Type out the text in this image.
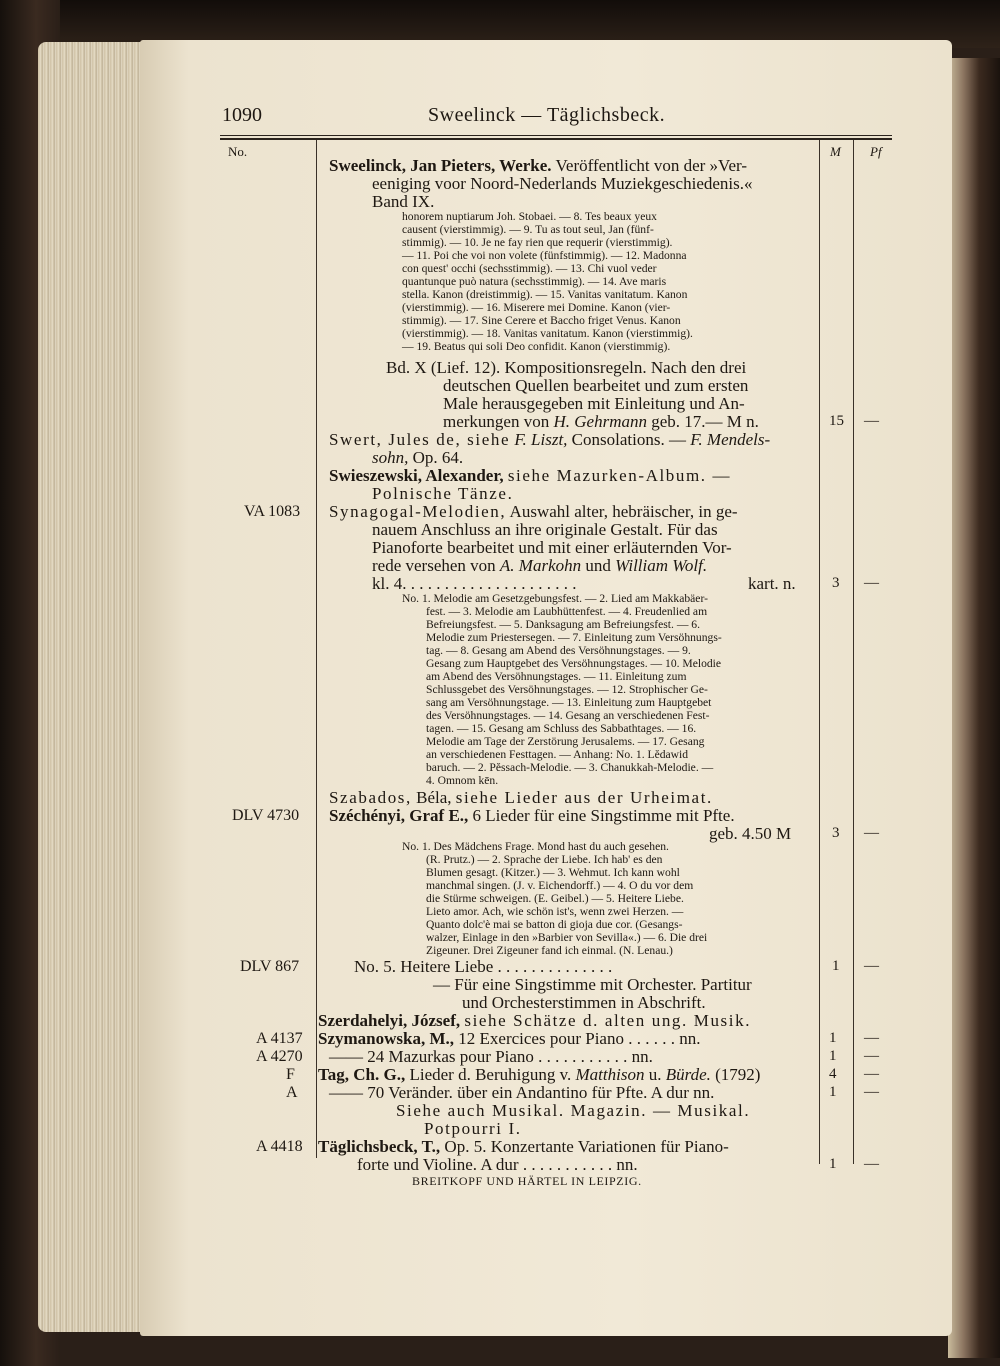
1090	Sweelinck — Täglichsbeck.
No.	M Pf
Sweelinck, Jan Pieters, Werke. Veröffentlicht von der »Ver-
eeniging voor Noord-Nederlands Muziekgeschiedenis.«
Band IX.
honorem nuptiarum Joh. Stobaei. — 8. Tes beaux yeux
causent (vierstimmig). — 9. Tu as tout seul, Jan (fünf-
stimmig). — 10. Je ne fay rien que requerir (vierstimmig).
— 11. Poi che voi non volete (fünfstimmig). — 12. Madonna
con quest' occhi (sechsstimmig). — 13. Chi vuol veder
quantunque può natura (sechsstimmig). — 14. Ave maris
stella. Kanon (dreistimmig). — 15. Vanitas vanitatum. Kanon
(vierstimmig). — 16. Miserere mei Domine. Kanon (vier-
stimmig). — 17. Sine Cerere et Baccho friget Venus. Kanon
(vierstimmig). — 18. Vanitas vanitatum. Kanon (vierstimmig).
— 19. Beatus qui soli Deo confidit. Kanon (vierstimmig).
Bd. X (Lief. 12). Kompositionsregeln. Nach den drei
deutschen Quellen bearbeitet und zum ersten
Male herausgegeben mit Einleitung und An-
merkungen von H. Gehrmann geb. 17.— M n.	15 —
Swert, Jules de, siehe F. Liszt, Consolations. — F. Mendels-
sohn, Op. 64.
Swieszewski, Alexander, siehe Mazurken-Album. —
Polnische Tänze.
VA 1083 Synagogal-Melodien, Auswahl alter, hebräischer, in ge-
nauem Anschluss an ihre originale Gestalt. Für das
Pianoforte bearbeitet und mit einer erläuternden Vor-
rede versehen von A. Markohn und William Wolf.
kl. 4. . . . . . . . . . . . . . . . . . . . .	kart. n. 3 —
No. 1. Melodie am Gesetzgebungsfest. — 2. Lied am Makkabäer-
fest. — 3. Melodie am Laubhüttenfest. — 4. Freudenlied am
Befreiungsfest. — 5. Danksagung am Befreiungsfest. — 6.
Melodie zum Priestersegen. — 7. Einleitung zum Versöhnungs-
tag. — 8. Gesang am Abend des Versöhnungstages. — 9.
Gesang zum Hauptgebet des Versöhnungstages. — 10. Melodie
am Abend des Versöhnungstages. — 11. Einleitung zum
Schlussgebet des Versöhnungstages. — 12. Strophischer Ge-
sang am Versöhnungstage. — 13. Einleitung zum Hauptgebet
des Versöhnungstages. — 14. Gesang an verschiedenen Fest-
tagen. — 15. Gesang am Schluss des Sabbathtages. — 16.
Melodie am Tage der Zerstörung Jerusalems. — 17. Gesang
an verschiedenen Festtagen. — Anhang: No. 1. Lĕdawid
baruch. — 2. Pĕssach-Melodie. — 3. Chanukkah-Melodie. —
4. Omnom kēn.
Szabados, Béla, siehe Lieder aus der Urheimat.
DLV 4730 Széchényi, Graf E., 6 Lieder für eine Singstimme mit Pfte.
geb. 4.50 M	3 —
No. 1. Des Mädchens Frage. Mond hast du auch gesehen.
(R. Prutz.) — 2. Sprache der Liebe. Ich hab' es den
Blumen gesagt. (Kitzer.) — 3. Wehmut. Ich kann wohl
manchmal singen. (J. v. Eichendorff.) — 4. O du vor dem
die Stürme schweigen. (E. Geibel.) — 5. Heitere Liebe.
Lieto amor. Ach, wie schön ist's, wenn zwei Herzen. —
Quanto dolc'è mai se batton di gioja due cor. (Gesangs-
walzer, Einlage in den »Barbier von Sevilla«.) — 6. Die drei
Zigeuner. Drei Zigeuner fand ich einmal. (N. Lenau.)
DLV 867	No. 5. Heitere Liebe . . . . . . . . . . . . . .	1 —
— Für eine Singstimme mit Orchester. Partitur
und Orchesterstimmen in Abschrift.
Szerdahelyi, József, siehe Schätze d. alten ung. Musik.
A 4137 Szymanowska, M., 12 Exercices pour Piano . . . . . . nn.	1 —
A 4270 —— 24 Mazurkas pour Piano . . . . . . . . . . . nn.	1 —
F Tag, Ch. G., Lieder d. Beruhigung v. Matthison u. Bürde. (1792)	4 —
A —— 70 Veränder. über ein Andantino für Pfte. A dur nn.	1 —
Siehe auch Musikal. Magazin. — Musikal.
Potpourri I.
A 4418 Täglichsbeck, T., Op. 5. Konzertante Variationen für Piano-
forte und Violine. A dur . . . . . . . . . . . nn.	1 —
BREITKOPF UND HÄRTEL IN LEIPZIG.
